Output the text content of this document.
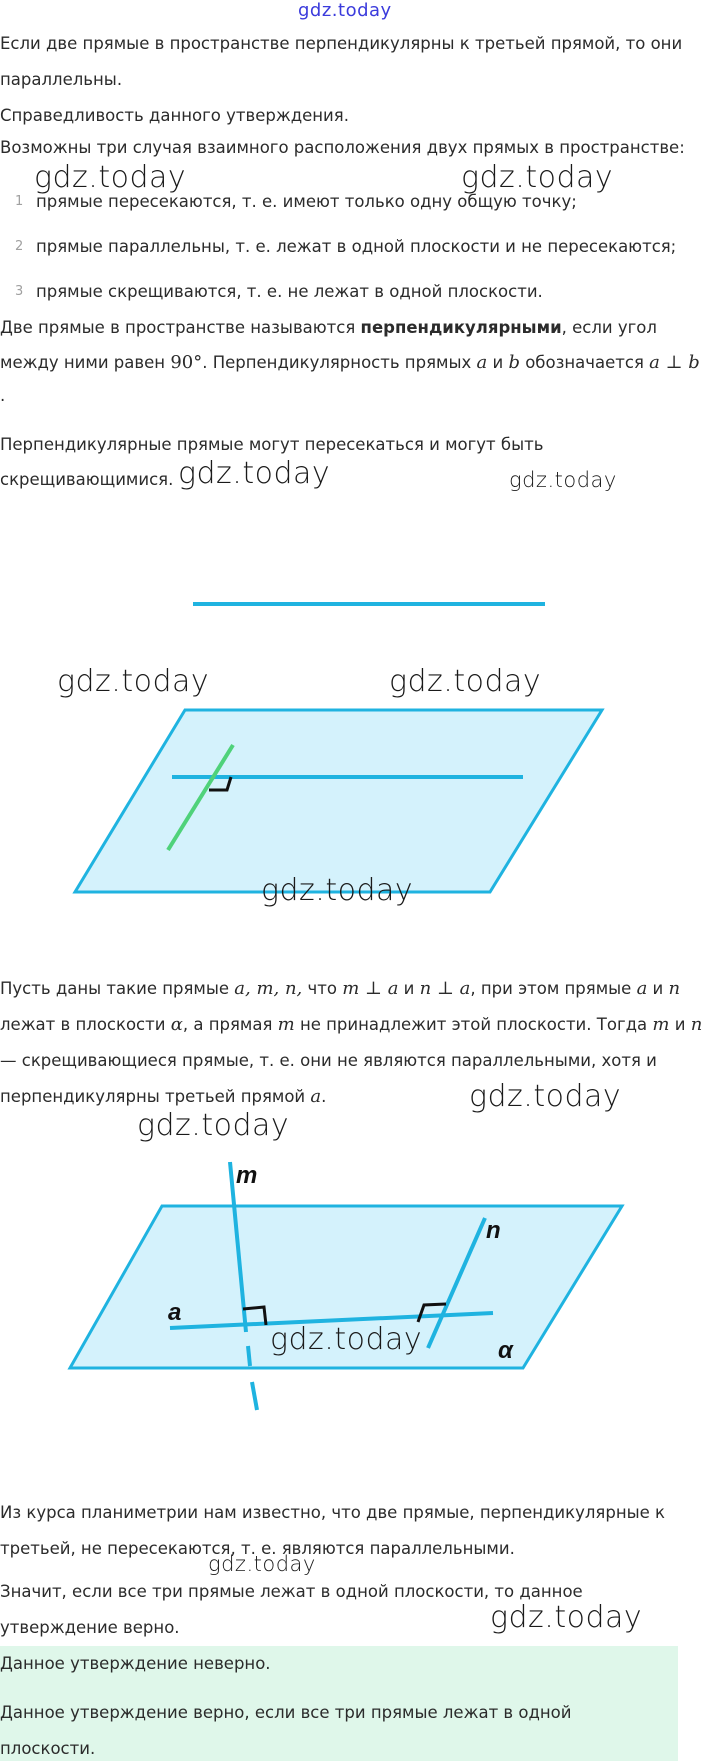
gdz.today
Если две прямые в пространстве перпендикулярны к третьей прямой, то они
параллельны.
Справедливость данного утверждения.
Возможны три случая взаимного расположения двух прямых в пространстве:
1 прямые пересекаются, т. е. имеют только одну общую точку;
2 прямые параллельны, т. е. лежат в одной плоскости и не пересекаются;
3 прямые скрещиваются, т. е. не лежат в одной плоскости.
Две прямые в пространстве называются перпендикулярными, если угол
между ними равен 90°. Перпендикулярность прямых a и b обозначается a ⊥ b
.
Перпендикулярные прямые могут пересекаться и могут быть
скрещивающимися.
Пусть даны такие прямые a, m, n, что m ⊥ a и n ⊥ a, при этом прямые a и n
лежат в плоскости α, а прямая m не принадлежит этой плоскости. Тогда m и n
— скрещивающиеся прямые, т. е. они не являются параллельными, хотя и
перпендикулярны третьей прямой a.
m
n
a
α
Из курса планиметрии нам известно, что две прямые, перпендикулярные к
третьей, не пересекаются, т. е. являются параллельными.
Значит, если все три прямые лежат в одной плоскости, то данное
утверждение верно.
Данное утверждение неверно.
Данное утверждение верно, если все три прямые лежат в одной
плоскости.
gdz.today	gdz.today
gdz.today	gdz.today
gdz.today	gdz.today
gdz.today
gdz.today
gdz.today
gdz.today
gdz.today
gdz.today
